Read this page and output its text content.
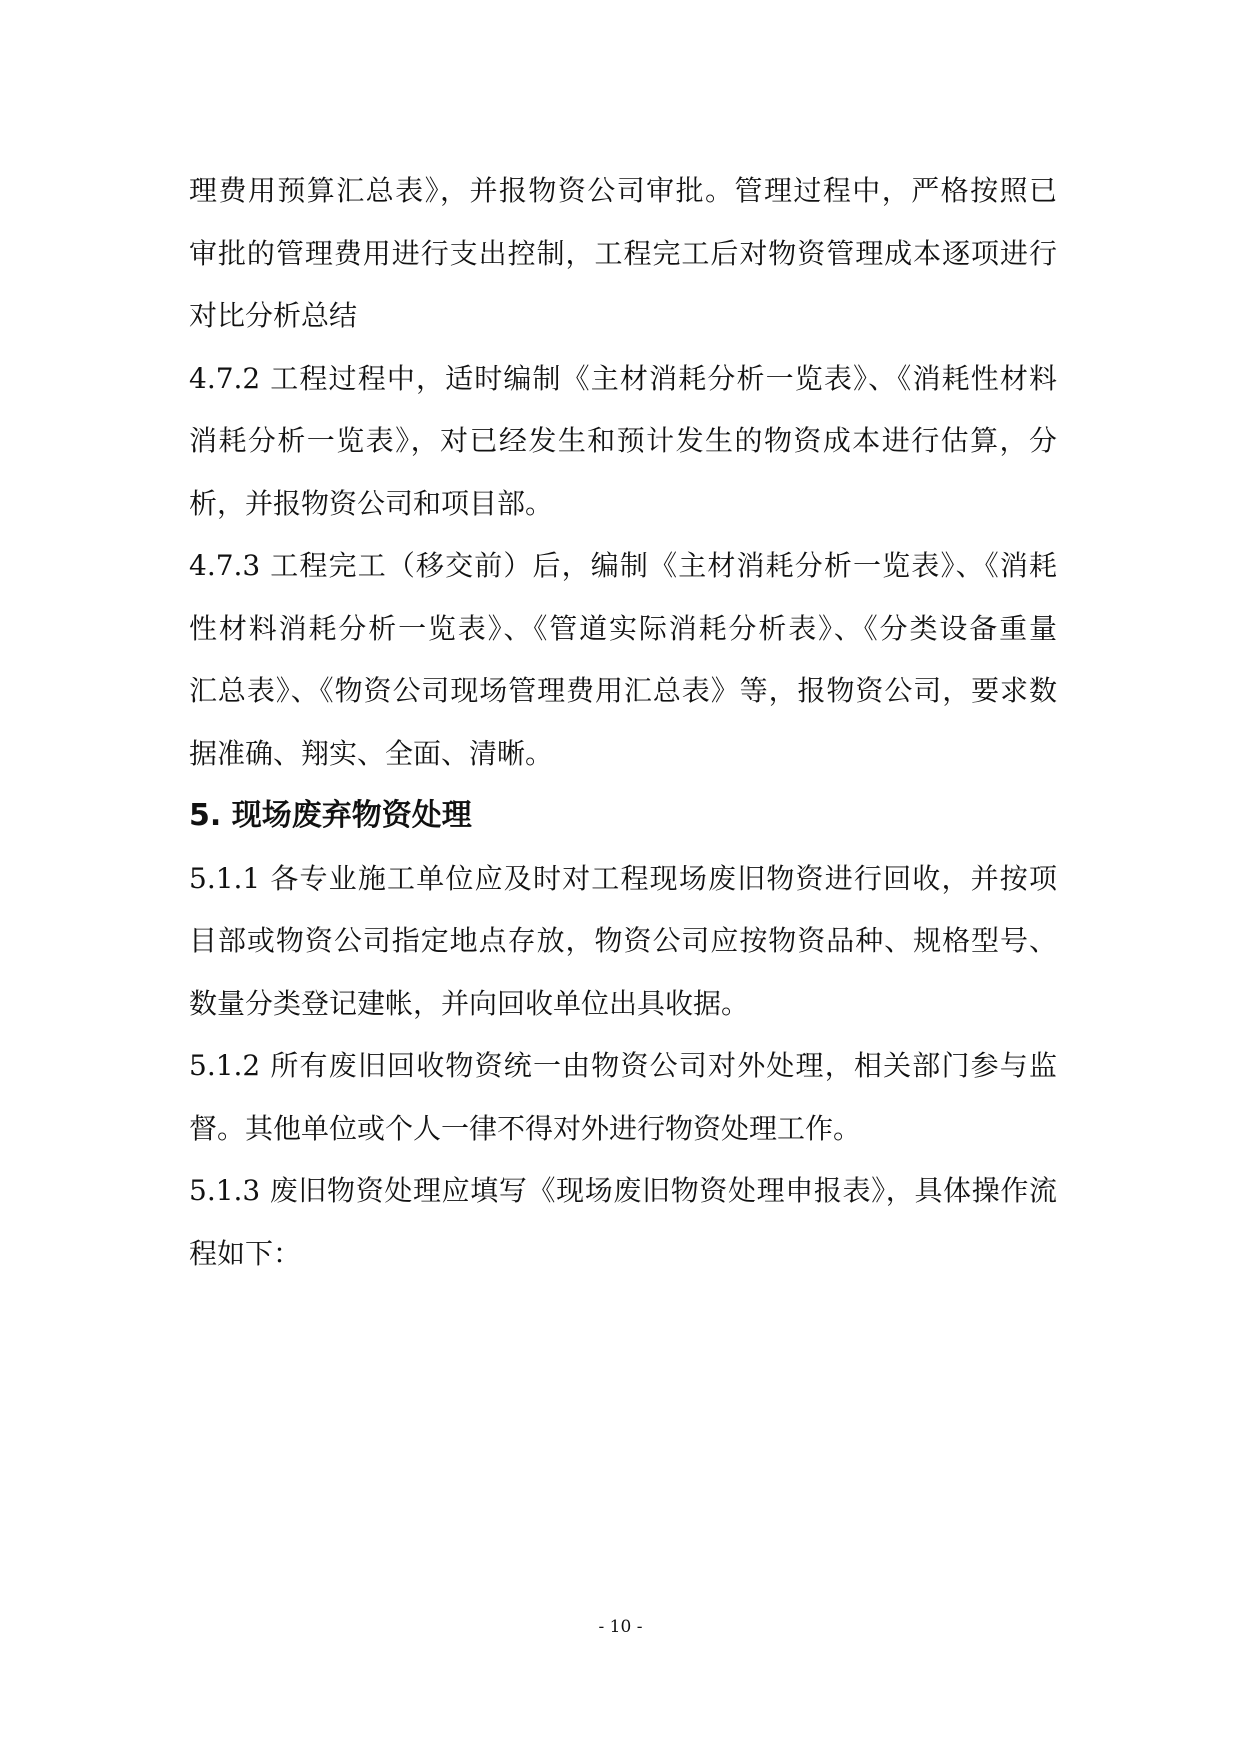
理费用预算汇总表》，并报物资公司审批。管理过程中，严格按照已
审批的管理费用进行支出控制，工程完工后对物资管理成本逐项进行
对比分析总结
4.7.2 工程过程中，适时编制《主材消耗分析一览表》、《消耗性材料
消耗分析一览表》，对已经发生和预计发生的物资成本进行估算，分
析，并报物资公司和项目部。
4.7.3 工程完工（移交前）后，编制《主材消耗分析一览表》、《消耗
性材料消耗分析一览表》、《管道实际消耗分析表》、《分类设备重量
汇总表》、《物资公司现场管理费用汇总表》等，报物资公司，要求数
据准确、翔实、全面、清晰。
5. 现场废弃物资处理
5.1.1 各专业施工单位应及时对工程现场废旧物资进行回收，并按项
目部或物资公司指定地点存放，物资公司应按物资品种、规格型号、
数量分类登记建帐，并向回收单位出具收据。
5.1.2 所有废旧回收物资统一由物资公司对外处理，相关部门参与监
督。其他单位或个人一律不得对外进行物资处理工作。
5.1.3 废旧物资处理应填写《现场废旧物资处理申报表》，具体操作流
程如下：
- 10 -
